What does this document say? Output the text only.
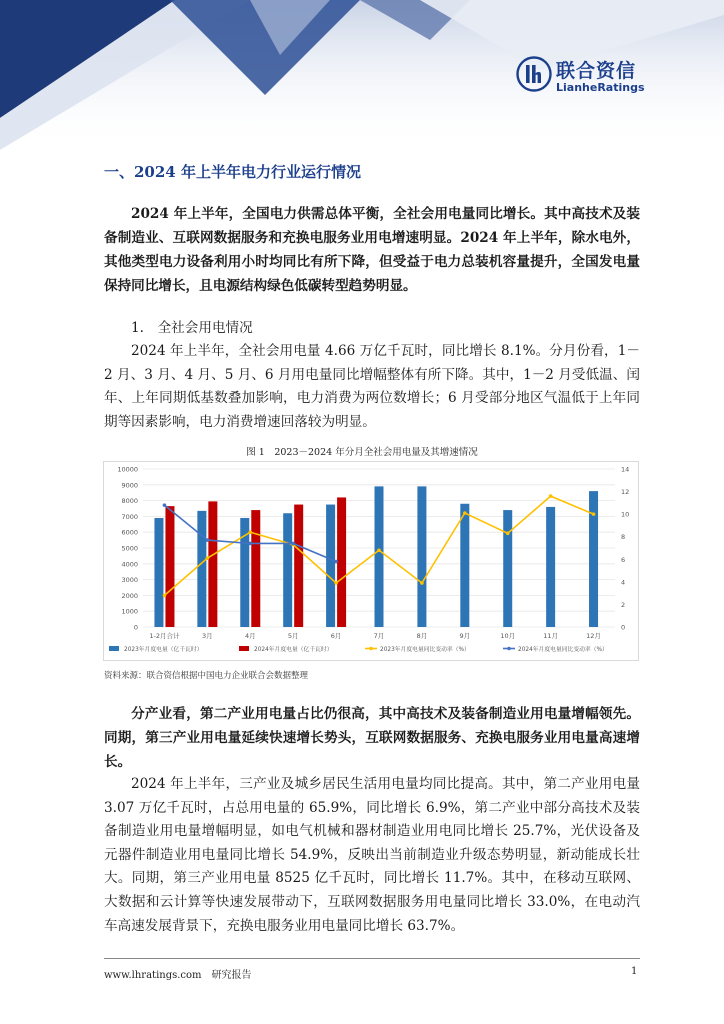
联合资信
LianheRatings
一、2024 年上半年电力行业运行情况

2024 年上半年，全国电力供需总体平衡，全社会用电量同比增长。其中高技术及装备制造业、互联网数据服务和充换电服务业用电增速明显。2024 年上半年，除水电外，其他类型电力设备利用小时均同比有所下降，但受益于电力总装机容量提升，全国发电量保持同比增长，且电源结构绿色低碳转型趋势明显。

1.　全社会用电情况

2024 年上半年，全社会用电量 4.66 万亿千瓦时，同比增长 8.1%。分月份看，1－2 月、3 月、4 月、5 月、6 月用电量同比增幅整体有所下降。其中，1－2 月受低温、闰年、上年同期低基数叠加影响，电力消费为两位数增长；6 月受部分地区气温低于上年同期等因素影响，电力消费增速回落较为明显。

图 1　2023－2024 年分月全社会用电量及其增速情况
10000
9000
8000
7000
6000
5000
4000
3000
2000
1000
0
14
12
10
8
6
4
2
0
1-2月合计	3月	4月	5月	6月	7月	8月	9月	10月	11月	12月
2023年月度电量（亿千瓦时）	2024年月度电量（亿千瓦时）	2023年月度电量同比变动率（%）	2024年月度电量同比变动率（%）
资料来源：联合资信根据中国电力企业联合会数据整理

分产业看，第二产业用电量占比仍很高，其中高技术及装备制造业用电量增幅领先。同期，第三产业用电量延续快速增长势头，互联网数据服务、充换电服务业用电量高速增长。

2024 年上半年，三产业及城乡居民生活用电量均同比提高。其中，第二产业用电量 3.07 万亿千瓦时，占总用电量的 65.9%，同比增长 6.9%，第二产业中部分高技术及装备制造业用电量增幅明显，如电气机械和器材制造业用电同比增长 25.7%，光伏设备及元器件制造业用电量同比增长 54.9%，反映出当前制造业升级态势明显，新动能成长壮大。同期，第三产业用电量 8525 亿千瓦时，同比增长 11.7%。其中，在移动互联网、大数据和云计算等快速发展带动下，互联网数据服务用电量同比增长 33.0%，在电动汽车高速发展背景下，充换电服务业用电量同比增长 63.7%。

www.lhratings.com　 研究报告	1
